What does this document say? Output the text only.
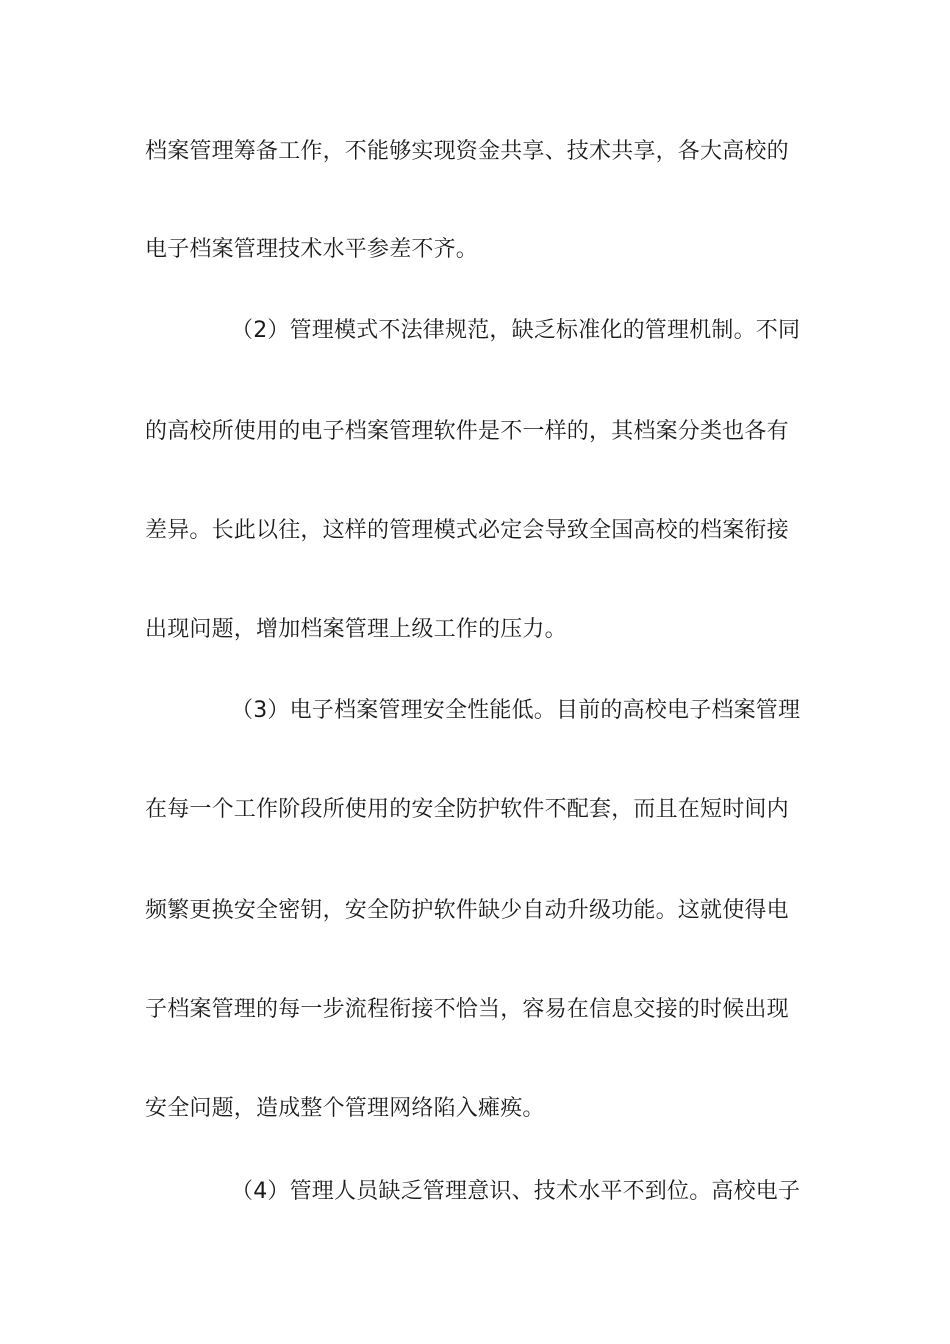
档案管理筹备工作，不能够实现资金共享、技术共享，各大高校的
电子档案管理技术水平参差不齐。
（2）管理模式不法律规范，缺乏标准化的管理机制。不同
的高校所使用的电子档案管理软件是不一样的，其档案分类也各有
差异。长此以往，这样的管理模式必定会导致全国高校的档案衔接
出现问题，增加档案管理上级工作的压力。
（3）电子档案管理安全性能低。目前的高校电子档案管理
在每一个工作阶段所使用的安全防护软件不配套，而且在短时间内
频繁更换安全密钥，安全防护软件缺少自动升级功能。这就使得电
子档案管理的每一步流程衔接不恰当，容易在信息交接的时候出现
安全问题，造成整个管理网络陷入瘫痪。
（4）管理人员缺乏管理意识、技术水平不到位。高校电子
